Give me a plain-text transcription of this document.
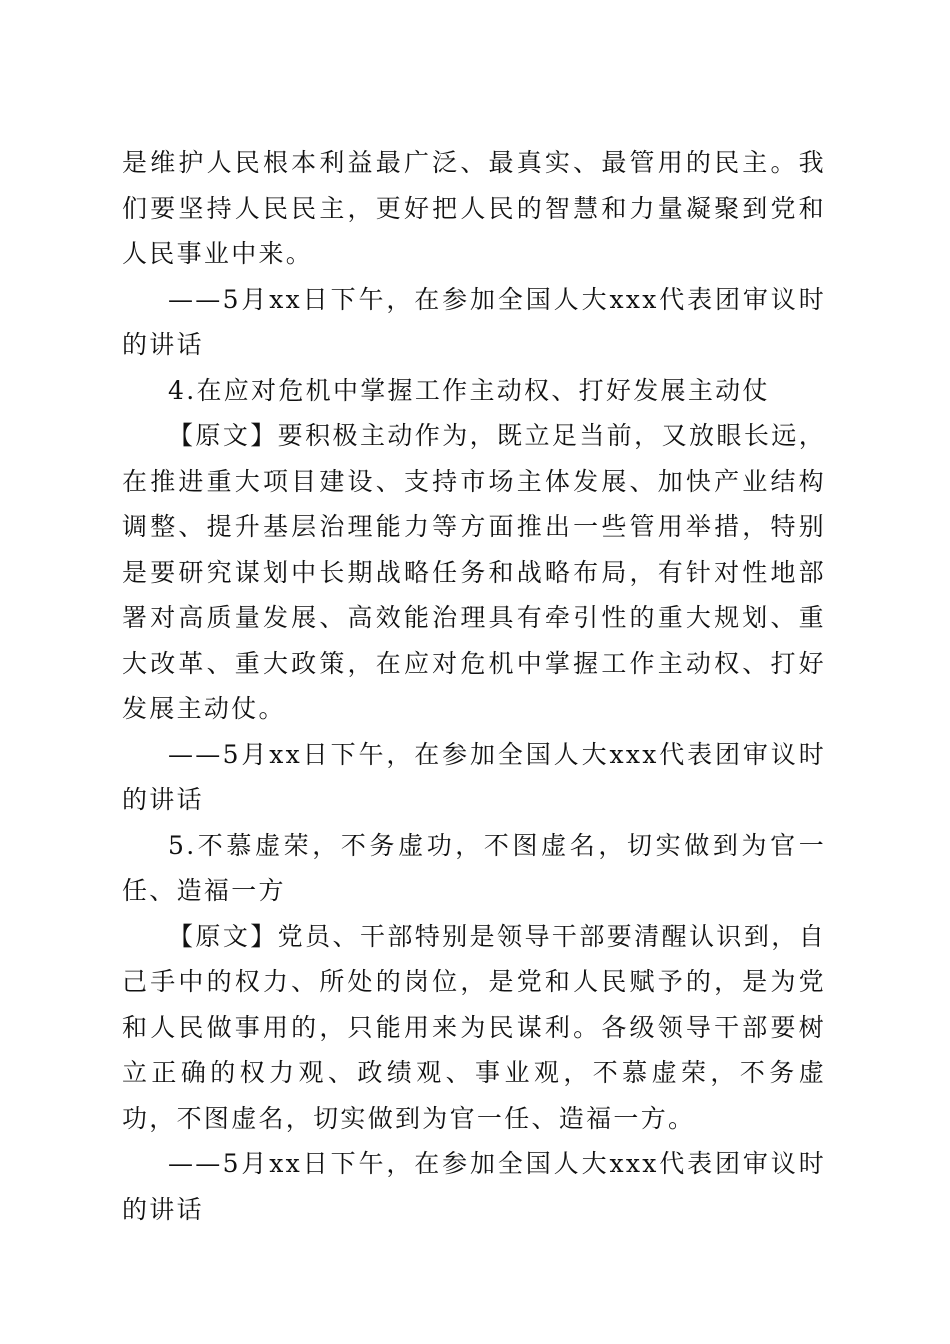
是维护人民根本利益最广泛、最真实、最管用的民主。我们要坚持人民民主，更好把人民的智慧和力量凝聚到党和人民事业中来。

——5月xx日下午，在参加全国人大xxx代表团审议时的讲话

4.在应对危机中掌握工作主动权、打好发展主动仗

【原文】要积极主动作为，既立足当前，又放眼长远，在推进重大项目建设、支持市场主体发展、加快产业结构调整、提升基层治理能力等方面推出一些管用举措，特别是要研究谋划中长期战略任务和战略布局，有针对性地部署对高质量发展、高效能治理具有牵引性的重大规划、重大改革、重大政策，在应对危机中掌握工作主动权、打好发展主动仗。

——5月xx日下午，在参加全国人大xxx代表团审议时的讲话

5.不慕虚荣，不务虚功，不图虚名，切实做到为官一任、造福一方

【原文】党员、干部特别是领导干部要清醒认识到，自己手中的权力、所处的岗位，是党和人民赋予的，是为党和人民做事用的，只能用来为民谋利。各级领导干部要树立正确的权力观、政绩观、事业观，不慕虚荣，不务虚功，不图虚名，切实做到为官一任、造福一方。

——5月xx日下午，在参加全国人大xxx代表团审议时的讲话
